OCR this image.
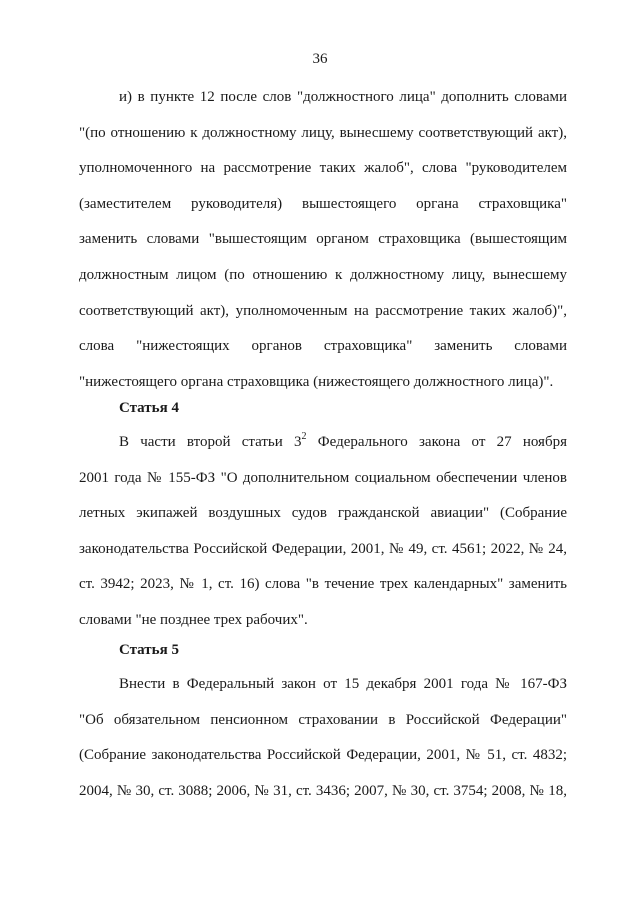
36
и) в пункте 12 после слов "должностного лица" дополнить словами
"(по отношению к должностному лицу, вынесшему соответствующий акт),
уполномоченного на рассмотрение таких жалоб", слова "руководителем
(заместителем руководителя) вышестоящего органа страховщика"
заменить словами "вышестоящим органом страховщика (вышестоящим
должностным лицом (по отношению к должностному лицу, вынесшему
соответствующий акт), уполномоченным на рассмотрение таких жалоб)",
слова "нижестоящих органов страховщика" заменить словами
"нижестоящего органа страховщика (нижестоящего должностного лица)".
Статья 4
В части второй статьи $3^2$ Федерального закона от 27 ноября
2001 года № 155-ФЗ "О дополнительном социальном обеспечении членов
летных экипажей воздушных судов гражданской авиации" (Собрание
законодательства Российской Федерации, 2001, № 49, ст. 4561; 2022, № 24,
ст. 3942; 2023, № 1, ст. 16) слова "в течение трех календарных" заменить
словами "не позднее трех рабочих".
Статья 5
Внести в Федеральный закон от 15 декабря 2001 года № 167-ФЗ
"Об обязательном пенсионном страховании в Российской Федерации"
(Собрание законодательства Российской Федерации, 2001, № 51, ст. 4832;
2004, № 30, ст. 3088; 2006, № 31, ст. 3436; 2007, № 30, ст. 3754; 2008, № 18,
